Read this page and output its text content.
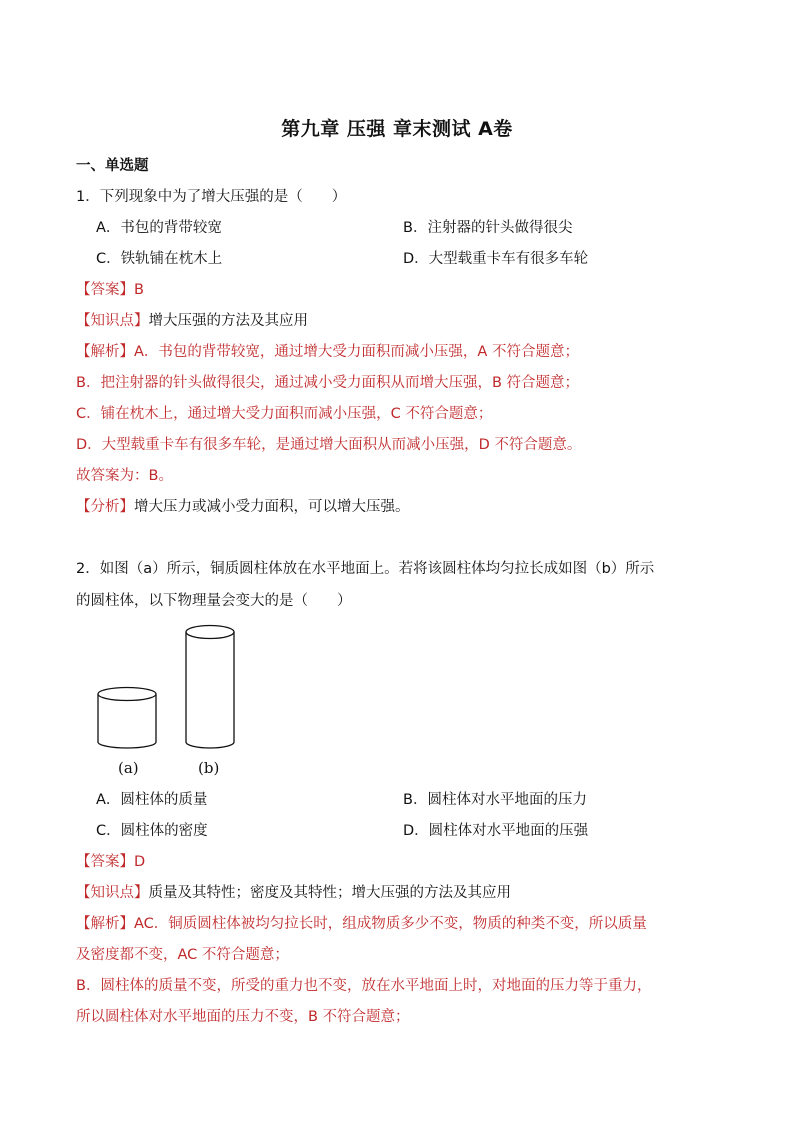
第九章 压强 章末测试 A卷
一、单选题
1．下列现象中为了增大压强的是（　　）
A．书包的背带较宽	B．注射器的针头做得很尖
C．铁轨铺在枕木上	D．大型载重卡车有很多车轮
【答案】B
【知识点】增大压强的方法及其应用
【解析】A．书包的背带较宽，通过增大受力面积而减小压强，A 不符合题意；
B．把注射器的针头做得很尖，通过减小受力面积从而增大压强，B 符合题意；
C．铺在枕木上，通过增大受力面积而减小压强，C 不符合题意；
D．大型载重卡车有很多车轮，是通过增大面积从而减小压强，D 不符合题意。
故答案为：B。
【分析】增大压力或减小受力面积，可以增大压强。
2．如图（a）所示，铜质圆柱体放在水平地面上。若将该圆柱体均匀拉长成如图（b）所示
的圆柱体，以下物理量会变大的是（　　）
(a)	(b)
A．圆柱体的质量	B．圆柱体对水平地面的压力
C．圆柱体的密度	D．圆柱体对水平地面的压强
【答案】D
【知识点】质量及其特性；密度及其特性；增大压强的方法及其应用
【解析】AC．铜质圆柱体被均匀拉长时，组成物质多少不变，物质的种类不变，所以质量
及密度都不变，AC 不符合题意；
B．圆柱体的质量不变，所受的重力也不变，放在水平地面上时，对地面的压力等于重力，
所以圆柱体对水平地面的压力不变，B 不符合题意；
